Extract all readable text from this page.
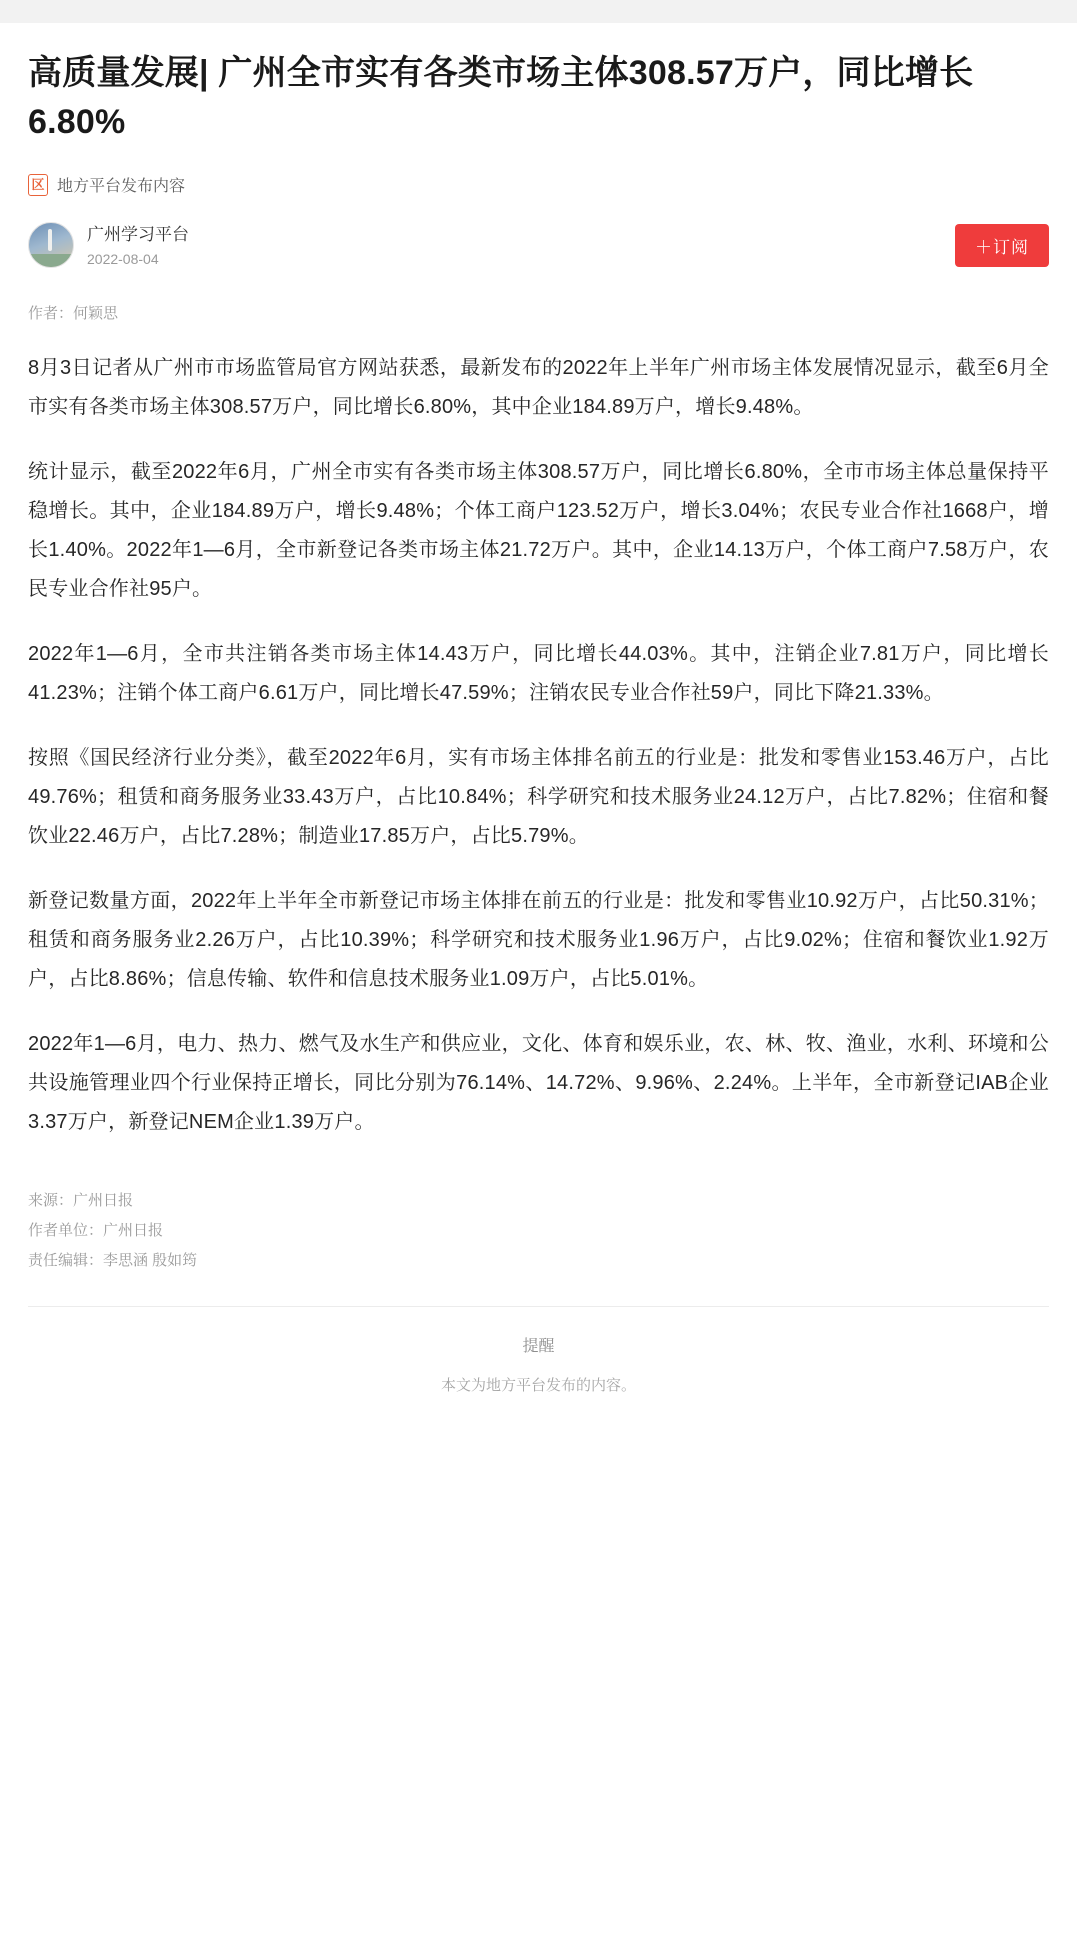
高质量发展| 广州全市实有各类市场主体308.57万户，同比增长6.80%
区 地方平台发布内容
广州学习平台
2022-08-04
＋订阅
作者：何颖思

8月3日记者从广州市市场监管局官方网站获悉，最新发布的2022年上半年广州市场主体发展情况显示，截至6月全市实有各类市场主体308.57万户，同比增长6.80%，其中企业184.89万户，增长9.48%。

统计显示，截至2022年6月，广州全市实有各类市场主体308.57万户，同比增长6.80%，全市市场主体总量保持平稳增长。其中，企业184.89万户，增长9.48%；个体工商户123.52万户，增长3.04%；农民专业合作社1668户，增长1.40%。2022年1—6月，全市新登记各类市场主体21.72万户。其中，企业14.13万户，个体工商户7.58万户，农民专业合作社95户。

2022年1—6月，全市共注销各类市场主体14.43万户，同比增长44.03%。其中，注销企业7.81万户，同比增长41.23%；注销个体工商户6.61万户，同比增长47.59%；注销农民专业合作社59户，同比下降21.33%。

按照《国民经济行业分类》，截至2022年6月，实有市场主体排名前五的行业是：批发和零售业153.46万户，占比49.76%；租赁和商务服务业33.43万户，占比10.84%；科学研究和技术服务业24.12万户，占比7.82%；住宿和餐饮业22.46万户，占比7.28%；制造业17.85万户，占比5.79%。

新登记数量方面，2022年上半年全市新登记市场主体排在前五的行业是：批发和零售业10.92万户，占比50.31%；租赁和商务服务业2.26万户，占比10.39%；科学研究和技术服务业1.96万户，占比9.02%；住宿和餐饮业1.92万户，占比8.86%；信息传输、软件和信息技术服务业1.09万户，占比5.01%。

2022年1—6月，电力、热力、燃气及水生产和供应业，文化、体育和娱乐业，农、林、牧、渔业，水利、环境和公共设施管理业四个行业保持正增长，同比分别为76.14%、14.72%、9.96%、2.24%。上半年，全市新登记IAB企业3.37万户，新登记NEM企业1.39万户。

来源：广州日报
作者单位：广州日报
责任编辑：李思涵 殷如筠
提醒
本文为地方平台发布的内容。
